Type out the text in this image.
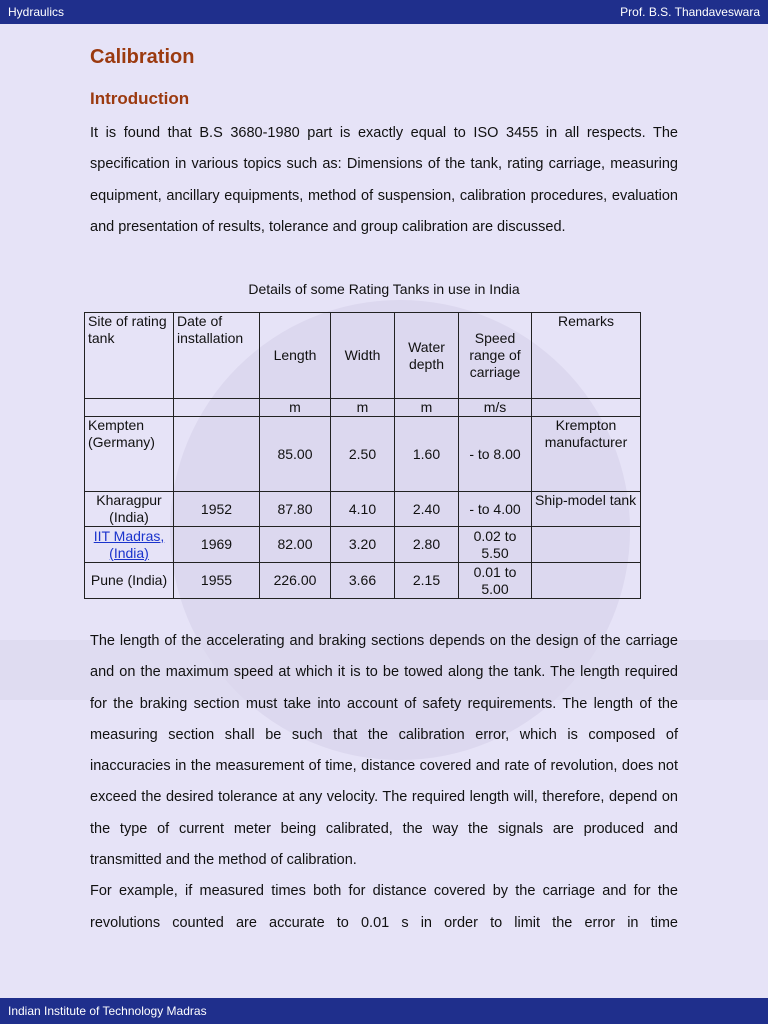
Hydraulics	Prof. B.S. Thandaveswara
Calibration
Introduction

It is found that B.S 3680-1980 part is exactly equal to ISO 3455 in all respects. The specification in various topics such as: Dimensions of the tank, rating carriage, measuring equipment, ancillary equipments, method of suspension, calibration procedures, evaluation and presentation of results, tolerance and group calibration are discussed.

Details of some Rating Tanks in use in India
Site of rating tank	Date of installation	Length	Width	Water depth	Speed range of carriage	Remarks
		m	m	m	m/s	
Kempten (Germany)		85.00	2.50	1.60	- to 8.00	Krempton manufacturer
Kharagpur (India)	1952	87.80	4.10	2.40	- to 4.00	Ship-model tank
IIT Madras, (India)	1969	82.00	3.20	2.80	0.02 to 5.50	
Pune (India)	1955	226.00	3.66	2.15	0.01 to 5.00	

The length of the accelerating and braking sections depends on the design of the carriage and on the maximum speed at which it is to be towed along the tank. The length required for the braking section must take into account of safety requirements. The length of the measuring section shall be such that the calibration error, which is composed of inaccuracies in the measurement of time, distance covered and rate of revolution, does not exceed the desired tolerance at any velocity. The required length will, therefore, depend on the type of current meter being calibrated, the way the signals are produced and transmitted and the method of calibration.

For example, if measured times both for distance covered by the carriage and for the revolutions counted are accurate to 0.01 s in order to limit the error in time

Indian Institute of Technology Madras
